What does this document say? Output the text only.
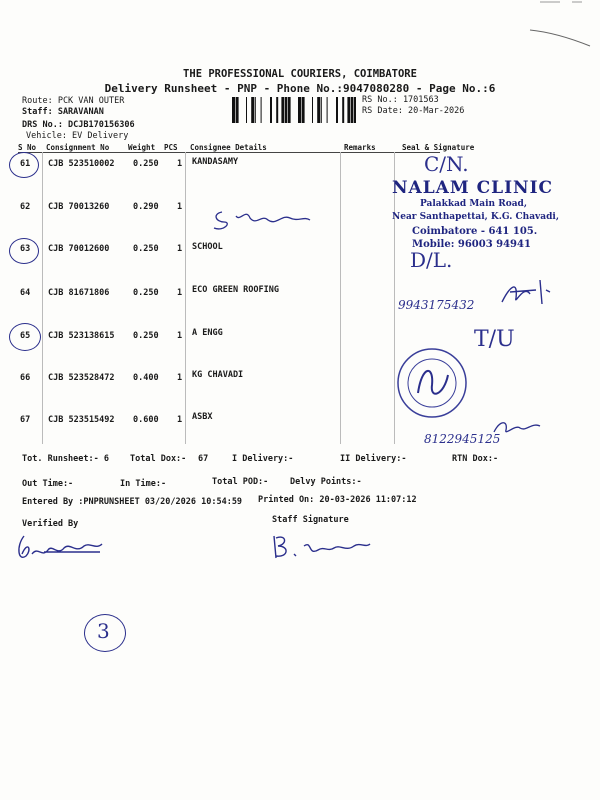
THE PROFESSIONAL COURIERS, COIMBATORE
Delivery Runsheet - PNP - Phone No.:9047080280 - Page No.:6
Route: PCK VAN OUTER
Staff: SARAVANAN
DRS No.: DCJB170156306
Vehicle: EV Delivery
RS No.: 1701563
RS Date: 20-Mar-2026
S No Consignment No	Weight PCS Consignee Details	Remarks	Seal & Signature
61 CJB 523510002 0.250 1 KANDASAMY
62 CJB 70013260	0.290 1
63 CJB 70012600	0.250 1 SCHOOL
64 CJB 81671806	0.250 1 ECO GREEN ROOFING
65 CJB 523138615 0.250 1 A ENGG
66 CJB 523528472 0.400 1 KG CHAVADI
67 CJB 523515492 0.600 1 ASBX
Tot. Runsheet:- 6 Total Dox:- 67	I Delivery:-	II Delivery:-	RTN Dox:-
Out Time:-	In Time:-	Total POD:-	Delvy Points:-
Entered By :PNPRUNSHEET 03/20/2026 10:54:59 Printed On: 20-03-2026 11:07:12
Verified By	Staff Signature
NALAM CLINIC
Palakkad Main Road,
Near Santhapettai, K.G. Chavadi,
Coimbatore - 641 105.
Mobile: 96003 94941
C/N.
D/L.
9943175432
T/U
8122945125
3
